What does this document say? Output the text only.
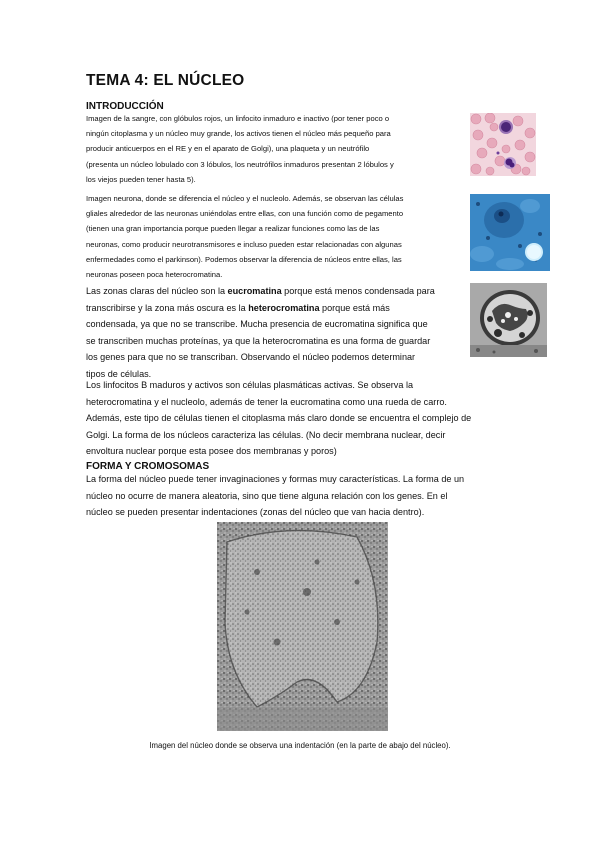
TEMA 4: EL NÚCLEO
INTRODUCCIÓN
Imagen de la sangre, con glóbulos rojos, un linfocito inmaduro e inactivo (por tener poco o
ningún citoplasma y un núcleo muy grande, los activos tienen el núcleo más pequeño para
producir anticuerpos en el RE y en el aparato de Golgi), una plaqueta y un neutrófilo
(presenta un núcleo lobulado con 3 lóbulos, los neutrófilos inmaduros presentan 2 lóbulos y
los viejos pueden tener hasta 5).
Imagen neurona, donde se diferencia el núcleo y el nucleolo. Además, se observan las células
gliales alrededor de las neuronas uniéndolas entre ellas, con una función como de pegamento
(tienen una gran importancia porque pueden llegar a realizar funciones como las de las
neuronas, como producir neurotransmisores e incluso pueden estar relacionadas con algunas
enfermedades como el parkinson). Podemos observar la diferencia de núcleos entre ellas, las
neuronas poseen poca heterocromatina.
Las zonas claras del núcleo son la eucromatina porque está menos condensada para
transcribirse y la zona más oscura es la heterocromatina porque está más
condensada, ya que no se transcribe. Mucha presencia de eucromatina significa que
se transcriben muchas proteínas, ya que la heterocromatina es una forma de guardar
los genes para que no se transcriban. Observando el núcleo podemos determinar
tipos de células.
Los linfocitos B maduros y activos son células plasmáticas activas. Se observa la
heterocromatina y el nucleolo, además de tener la eucromatina como una rueda de carro.
Además, este tipo de células tienen el citoplasma más claro donde se encuentra el complejo de
Golgi. La forma de los núcleos caracteriza las células. (No decir membrana nuclear, decir
envoltura nuclear porque esta posee dos membranas y poros)
FORMA Y CROMOSOMAS
La forma del núcleo puede tener invaginaciones y formas muy características. La forma de un
núcleo no ocurre de manera aleatoria, sino que tiene alguna relación con los genes. En el
núcleo se pueden presentar indentaciones (zonas del núcleo que van hacia dentro).
Imagen del núcleo donde se observa una indentación (en la parte de abajo del núcleo).
